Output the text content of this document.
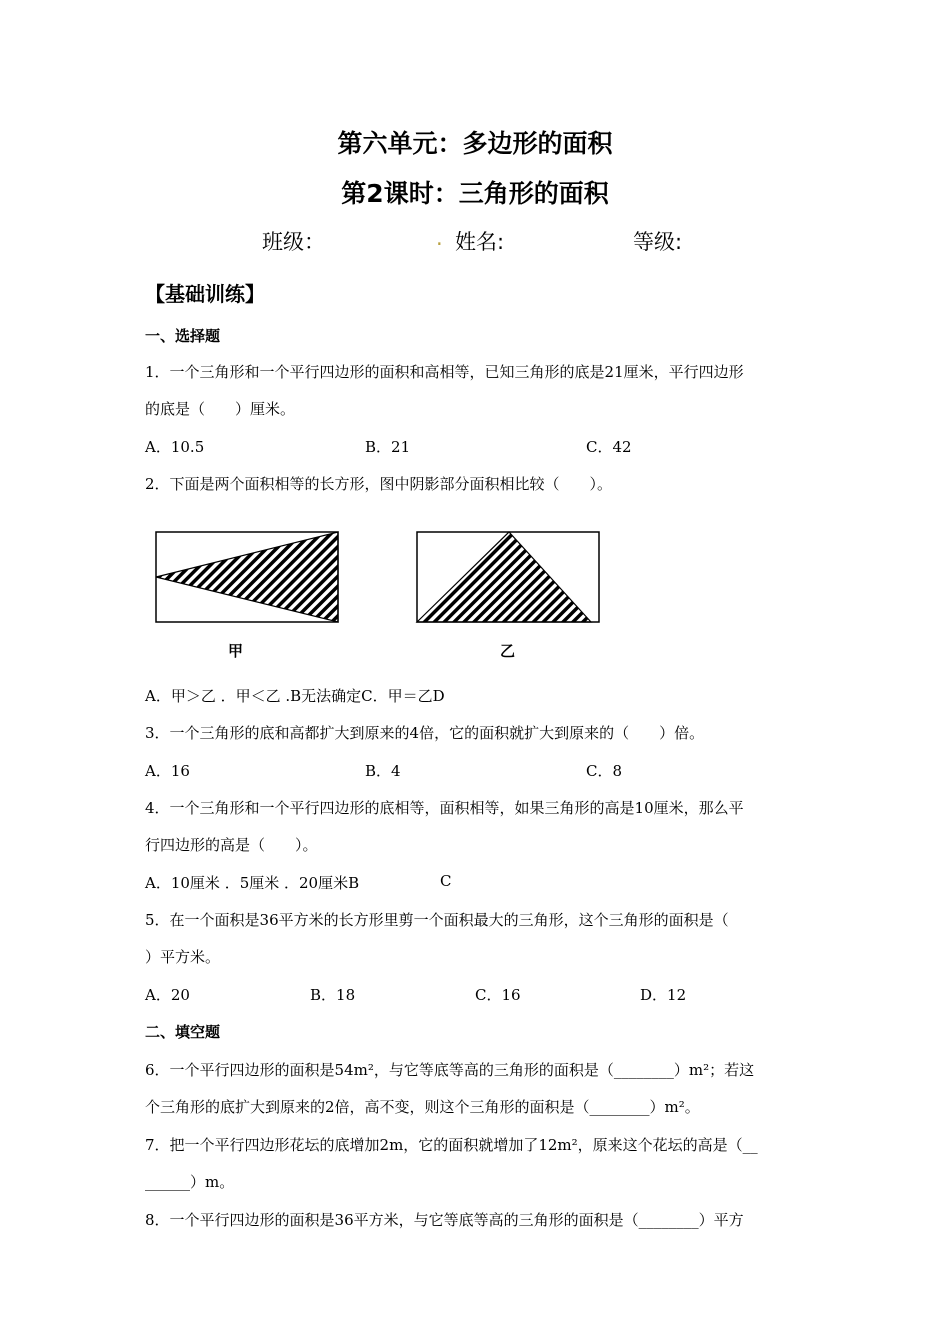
第六单元：多边形的面积
第2课时：三角形的面积
班级：	. 姓名:	等级:
【基础训练】
一、选择题
1．一个三角形和一个平行四边形的面积和高相等，已知三角形的底是21厘米，平行四边形
的底是（　　）厘米。
A．10.5	B．21	C．42
2．下面是两个面积相等的长方形，图中阴影部分面积相比较（　　）。
甲	乙
A．甲＞乙 ．甲＜乙 .B无法确定C．甲＝乙D
3．一个三角形的底和高都扩大到原来的4倍，它的面积就扩大到原来的（　　）倍。
A．16	B．4	C．8
4．一个三角形和一个平行四边形的底相等，面积相等，如果三角形的高是10厘米，那么平
行四边形的高是（　　）。
A．10厘米 ．5厘米 ．20厘米B	C
5．在一个面积是36平方米的长方形里剪一个面积最大的三角形，这个三角形的面积是（
）平方米。
A．20	B．18	C．16	D．12
二、填空题
6．一个平行四边形的面积是54m²，与它等底等高的三角形的面积是（________）m²；若这
个三角形的底扩大到原来的2倍，高不变，则这个三角形的面积是（________）m²。
7．把一个平行四边形花坛的底增加2m，它的面积就增加了12m²，原来这个花坛的高是（__
______）m。
8．一个平行四边形的面积是36平方米，与它等底等高的三角形的面积是（________）平方
